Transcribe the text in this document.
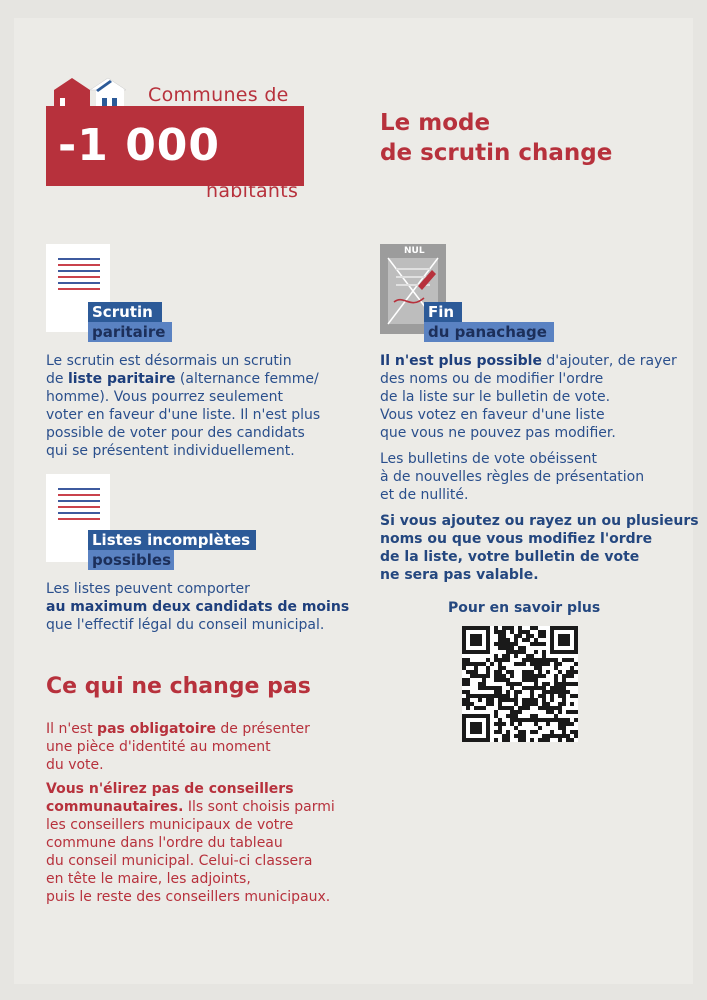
Communes de
-1 000
habitants
Le mode
de scrutin change
Scrutin
paritaire
Le scrutin est désormais un scrutin
de liste paritaire (alternance femme/
homme). Vous pourrez seulement
voter en faveur d'une liste. Il n'est plus
possible de voter pour des candidats
qui se présentent individuellement.
Listes incomplètes
possibles
Les listes peuvent comporter
au maximum deux candidats de moins
que l'effectif légal du conseil municipal.
NUL
Fin
du panachage
Il n'est plus possible d'ajouter, de rayer
des noms ou de modifier l'ordre
de la liste sur le bulletin de vote.
Vous votez en faveur d'une liste
que vous ne pouvez pas modifier.
Les bulletins de vote obéissent
à de nouvelles règles de présentation
et de nullité.
Si vous ajoutez ou rayez un ou plusieurs
noms ou que vous modifiez l'ordre
de la liste, votre bulletin de vote
ne sera pas valable.
Pour en savoir plus
Ce qui ne change pas
Il n'est pas obligatoire de présenter
une pièce d'identité au moment
du vote.
Vous n'élirez pas de conseillers
communautaires. Ils sont choisis parmi
les conseillers municipaux de votre
commune dans l'ordre du tableau
du conseil municipal. Celui-ci classera
en tête le maire, les adjoints,
puis le reste des conseillers municipaux.
